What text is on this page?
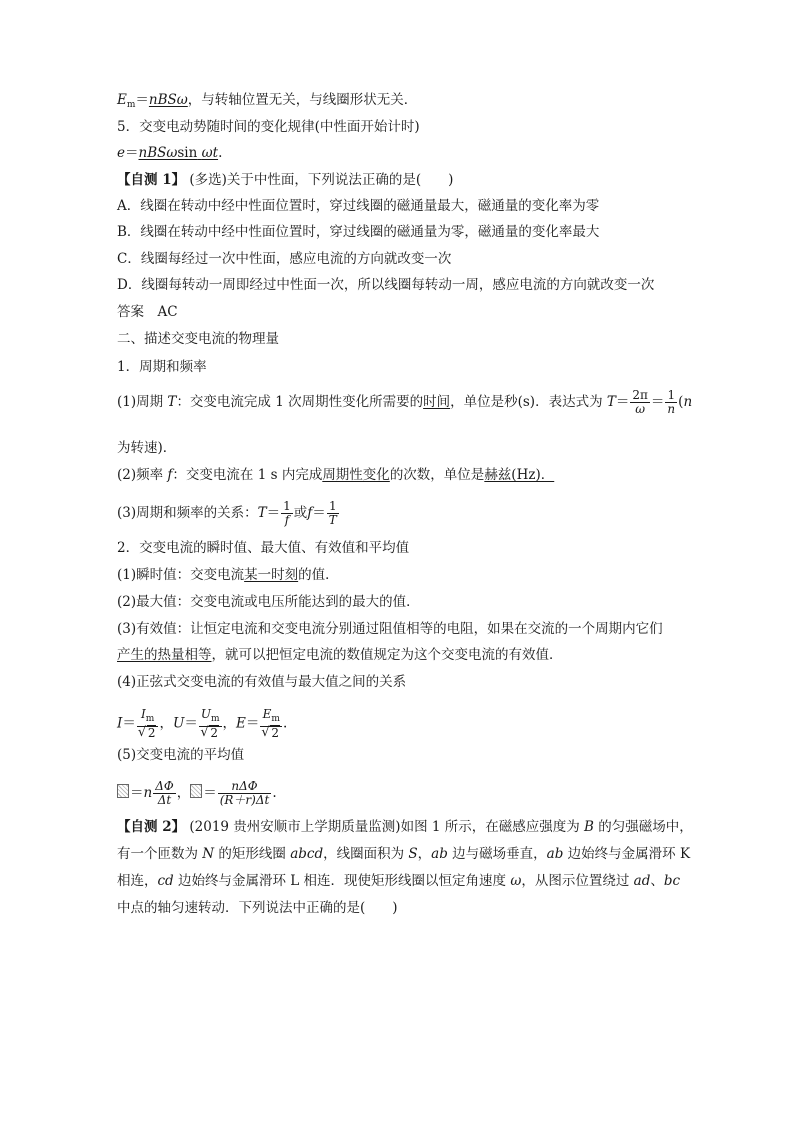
$E_m=nBS\omega$，与转轴位置无关，与线圈形状无关．
5．交变电动势随时间的变化规律(中性面开始计时)
e＝nBSωsin ωt.
【自测 1】 (多选)关于中性面，下列说法正确的是(　　)
A．线圈在转动中经中性面位置时，穿过线圈的磁通量最大，磁通量的变化率为零
B．线圈在转动中经中性面位置时，穿过线圈的磁通量为零，磁通量的变化率最大
C．线圈每经过一次中性面，感应电流的方向就改变一次
D．线圈每转动一周即经过中性面一次，所以线圈每转动一周，感应电流的方向就改变一次
答案　AC
二、描述交变电流的物理量
1．周期和频率
(1)周期 T：交变电流完成 1 次周期性变化所需要的时间，单位是秒(s)．表达式为 $T= \frac{2\pi}{\omega} = \frac{1}{n} (n$
为转速)．
(2)频率 f：交变电流在 1 s 内完成周期性变化的次数，单位是赫兹(Hz)．
(3)周期和频率的关系：$T= \frac{1}{f}$ 或$f= \frac{1}{T}$
2．交变电流的瞬时值、最大值、有效值和平均值
(1)瞬时值：交变电流某一时刻的值．
(2)最大值：交变电流或电压所能达到的最大的值．
(3)有效值：让恒定电流和交变电流分别通过阻值相等的电阻，如果在交流的一个周期内它们
产生的热量相等，就可以把恒定电流的数值规定为这个交变电流的有效值．
(4)正弦式交变电流的有效值与最大值之间的关系
$I= I_m$
√ 2 ，$U= U_m$
√ 2 ，$E= E_m$
√ 2 .
(5)交变电流的平均值
$=n \frac{\Delta\Phi}{\Delta t}$ ， ＝ $\frac{\text{nΔΦ}}{(R+r)\Delta t}$ .
【自测 2】 (2019 贵州安顺市上学期质量监测)如图 1 所示，在磁感应强度为 B 的匀强磁场中，
有一个匝数为 N 的矩形线圈 abcd，线圈面积为 S，ab 边与磁场垂直，ab 边始终与金属滑环 K
相连，cd 边始终与金属滑环 L 相连．现使矩形线圈以恒定角速度 ω，从图示位置绕过 ad、bc
中点的轴匀速转动．下列说法中正确的是(　　)
